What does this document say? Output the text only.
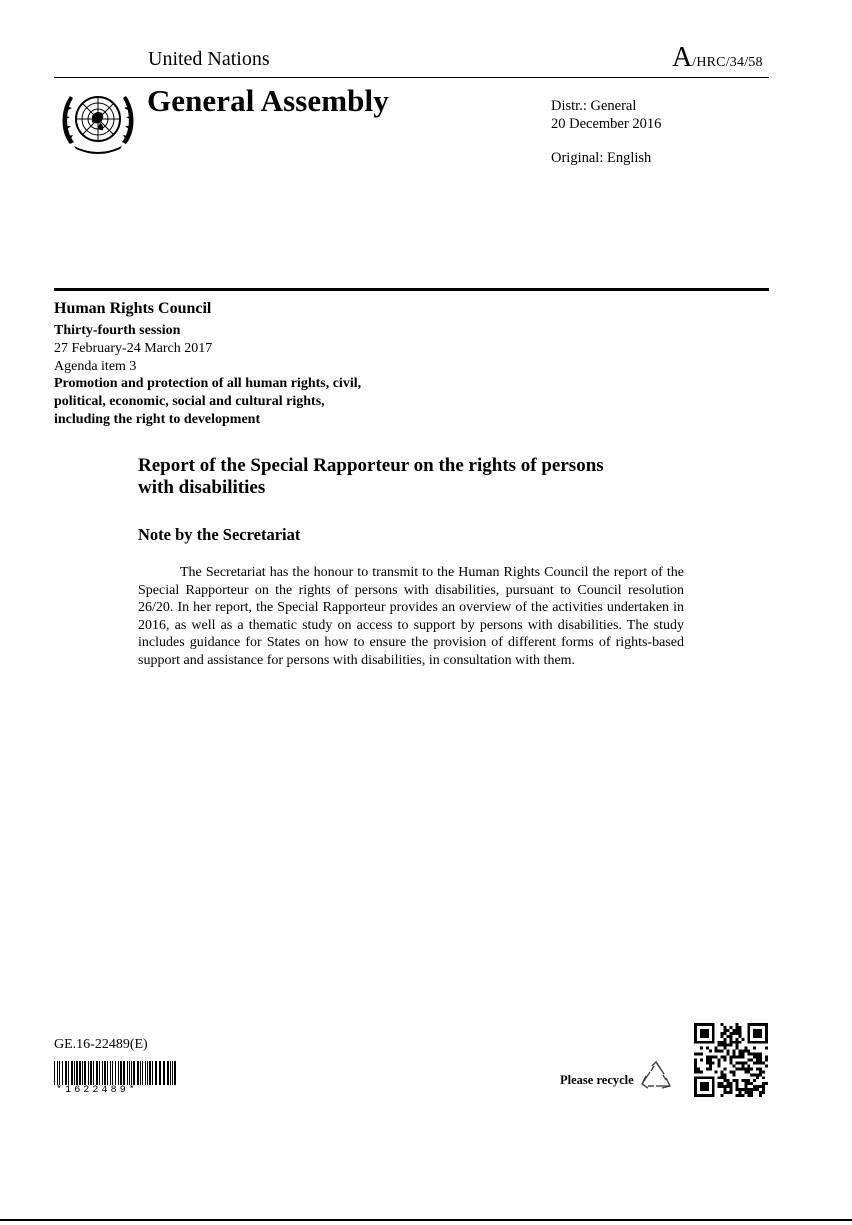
United Nations	A/HRC/34/58
General Assembly	Distr.: General
20 December 2016
Original: English
Human Rights Council
Thirty-fourth session
27 February-24 March 2017
Agenda item 3
Promotion and protection of all human rights, civil,
political, economic, social and cultural rights,
including the right to development
Report of the Special Rapporteur on the rights of persons
with disabilities
Note by the Secretariat
The Secretariat has the honour to transmit to the Human Rights Council the report of the Special Rapporteur on the rights of persons with disabilities, pursuant to Council resolution 26/20. In her report, the Special Rapporteur provides an overview of the activities undertaken in 2016, as well as a thematic study on access to support by persons with disabilities. The study includes guidance for States on how to ensure the provision of different forms of rights-based support and assistance for persons with disabilities, in consultation with them.
GE.16-22489(E)
*1622489*
Please recycle
